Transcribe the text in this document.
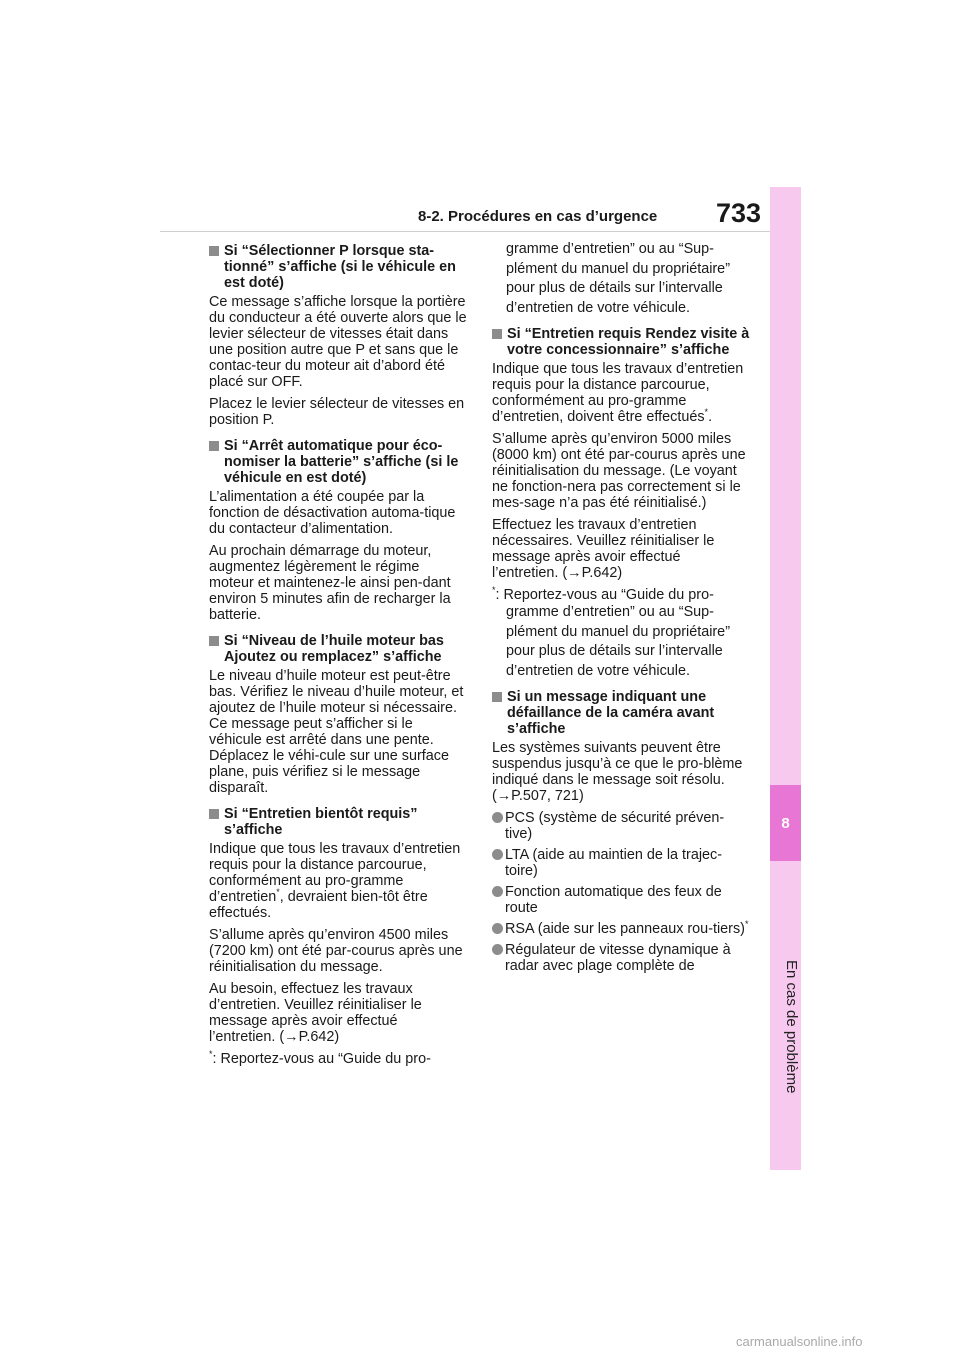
8-2. Procédures en cas d’urgence 733
8
En cas de problème
Si “Sélectionner P lorsque sta-tionné” s’affiche (si le véhicule en est doté)

Ce message s’affiche lorsque la portière du conducteur a été ouverte alors que le levier sélecteur de vitesses était dans une position autre que P et sans que le contac-teur du moteur ait d’abord été placé sur OFF.

Placez le levier sélecteur de vitesses en position P.

Si “Arrêt automatique pour éco-nomiser la batterie” s’affiche (si le véhicule en est doté)

L’alimentation a été coupée par la fonction de désactivation automa-tique du contacteur d’alimentation.

Au prochain démarrage du moteur, augmentez légèrement le régime moteur et maintenez-le ainsi pen-dant environ 5 minutes afin de recharger la batterie.

Si “Niveau de l’huile moteur bas Ajoutez ou remplacez” s’affiche

Le niveau d’huile moteur est peut-être bas. Vérifiez le niveau d’huile moteur, et ajoutez de l’huile moteur si nécessaire. Ce message peut s’afficher si le véhicule est arrêté dans une pente. Déplacez le véhi-cule sur une surface plane, puis vérifiez si le message disparaît.

Si “Entretien bientôt requis” s’affiche

Indique que tous les travaux d’entretien requis pour la distance parcourue, conformément au pro-gramme d’entretien*, devraient bien-tôt être effectués.

S’allume après qu’environ 4500 miles (7200 km) ont été par-courus après une réinitialisation du message.

Au besoin, effectuez les travaux d’entretien. Veuillez réinitialiser le message après avoir effectué l’entretien. (→P.642)

*: Reportez-vous au “Guide du pro-

gramme d’entretien” ou au “Sup-plément du manuel du propriétaire” pour plus de détails sur l’intervalle d’entretien de votre véhicule.

Si “Entretien requis Rendez visite à votre concessionnaire” s’affiche

Indique que tous les travaux d’entretien requis pour la distance parcourue, conformément au pro-gramme d’entretien, doivent être effectués*.

S’allume après qu’environ 5000 miles (8000 km) ont été par-courus après une réinitialisation du message. (Le voyant ne fonction-nera pas correctement si le mes-sage n’a pas été réinitialisé.)

Effectuez les travaux d’entretien nécessaires. Veuillez réinitialiser le message après avoir effectué l’entretien. (→P.642)

*: Reportez-vous au “Guide du pro-

gramme d’entretien” ou au “Sup-plément du manuel du propriétaire” pour plus de détails sur l’intervalle d’entretien de votre véhicule.

Si un message indiquant une défaillance de la caméra avant s’affiche

Les systèmes suivants peuvent être suspendus jusqu’à ce que le pro-blème indiqué dans le message soit résolu. (→P.507, 721)

PCS (système de sécurité préven-tive)
LTA (aide au maintien de la trajec-toire)
Fonction automatique des feux de route
RSA (aide sur les panneaux rou-tiers)*
Régulateur de vitesse dynamique à radar avec plage complète de
carmanualsonline.info
